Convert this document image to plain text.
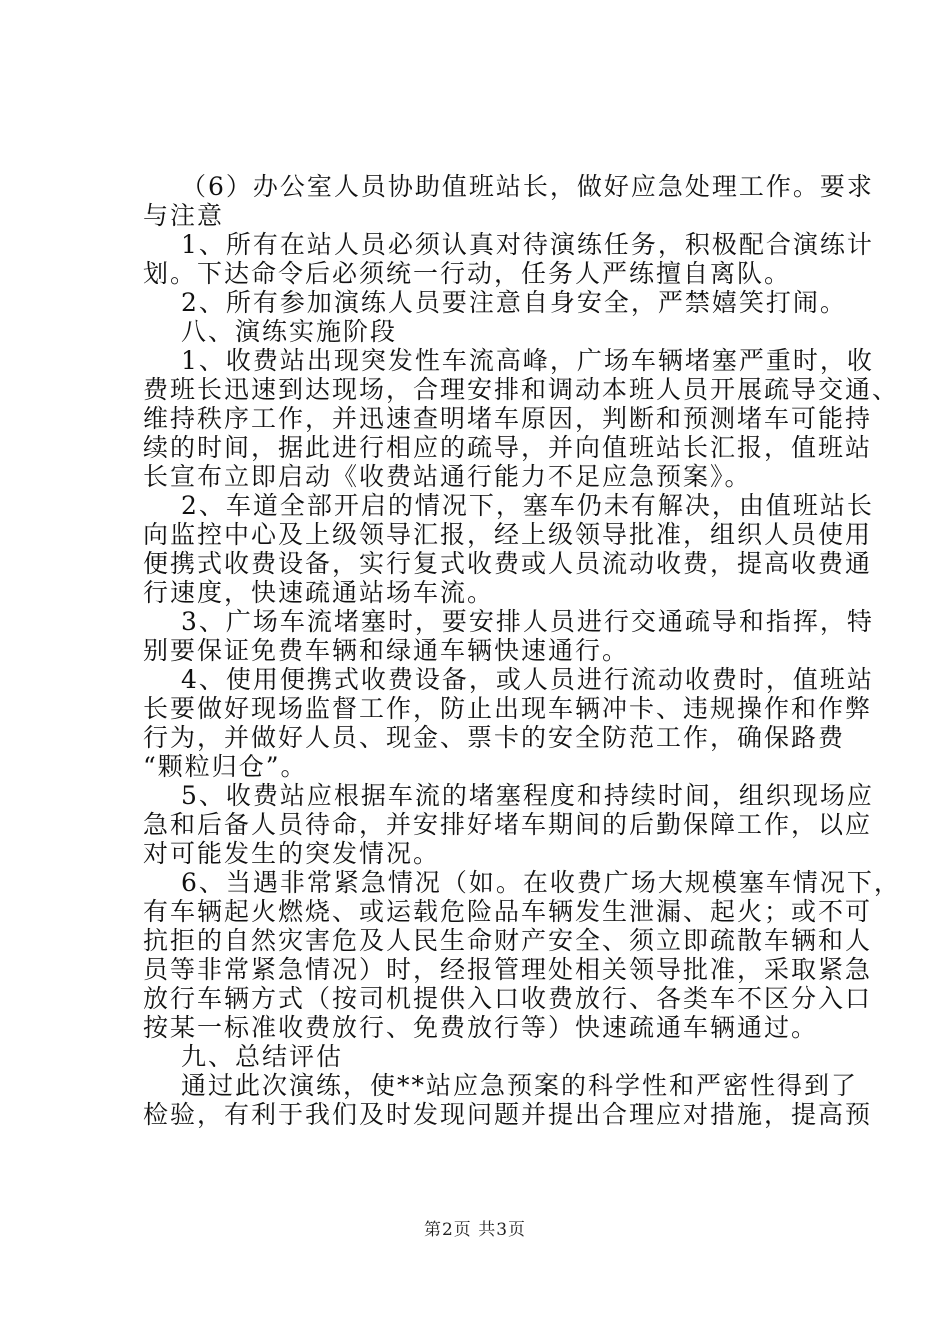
（6）办公室人员协助值班站长，做好应急处理工作。要求
与注意
1、所有在站人员必须认真对待演练任务，积极配合演练计
划。下达命令后必须统一行动，任务人严练擅自离队。
2、所有参加演练人员要注意自身安全，严禁嬉笑打闹。
八、演练实施阶段
1、收费站出现突发性车流高峰，广场车辆堵塞严重时，收
费班长迅速到达现场，合理安排和调动本班人员开展疏导交通、
维持秩序工作，并迅速查明堵车原因，判断和预测堵车可能持
续的时间，据此进行相应的疏导，并向值班站长汇报，值班站
长宣布立即启动《收费站通行能力不足应急预案》。
2、车道全部开启的情况下，塞车仍未有解决，由值班站长
向监控中心及上级领导汇报，经上级领导批准，组织人员使用
便携式收费设备，实行复式收费或人员流动收费，提高收费通
行速度，快速疏通站场车流。
3、广场车流堵塞时，要安排人员进行交通疏导和指挥，特
别要保证免费车辆和绿通车辆快速通行。
4、使用便携式收费设备，或人员进行流动收费时，值班站
长要做好现场监督工作，防止出现车辆冲卡、违规操作和作弊
行为，并做好人员、现金、票卡的安全防范工作，确保路费
“颗粒归仓”。
5、收费站应根据车流的堵塞程度和持续时间，组织现场应
急和后备人员待命，并安排好堵车期间的后勤保障工作，以应
对可能发生的突发情况。
6、当遇非常紧急情况（如。在收费广场大规模塞车情况下，
有车辆起火燃烧、或运载危险品车辆发生泄漏、起火；或不可
抗拒的自然灾害危及人民生命财产安全、须立即疏散车辆和人
员等非常紧急情况）时，经报管理处相关领导批准，采取紧急
放行车辆方式（按司机提供入口收费放行、各类车不区分入口
按某一标准收费放行、免费放行等）快速疏通车辆通过。
九、总结评估
通过此次演练，使**站应急预案的科学性和严密性得到了
检验，有利于我们及时发现问题并提出合理应对措施，提高预
第2页 共3页
